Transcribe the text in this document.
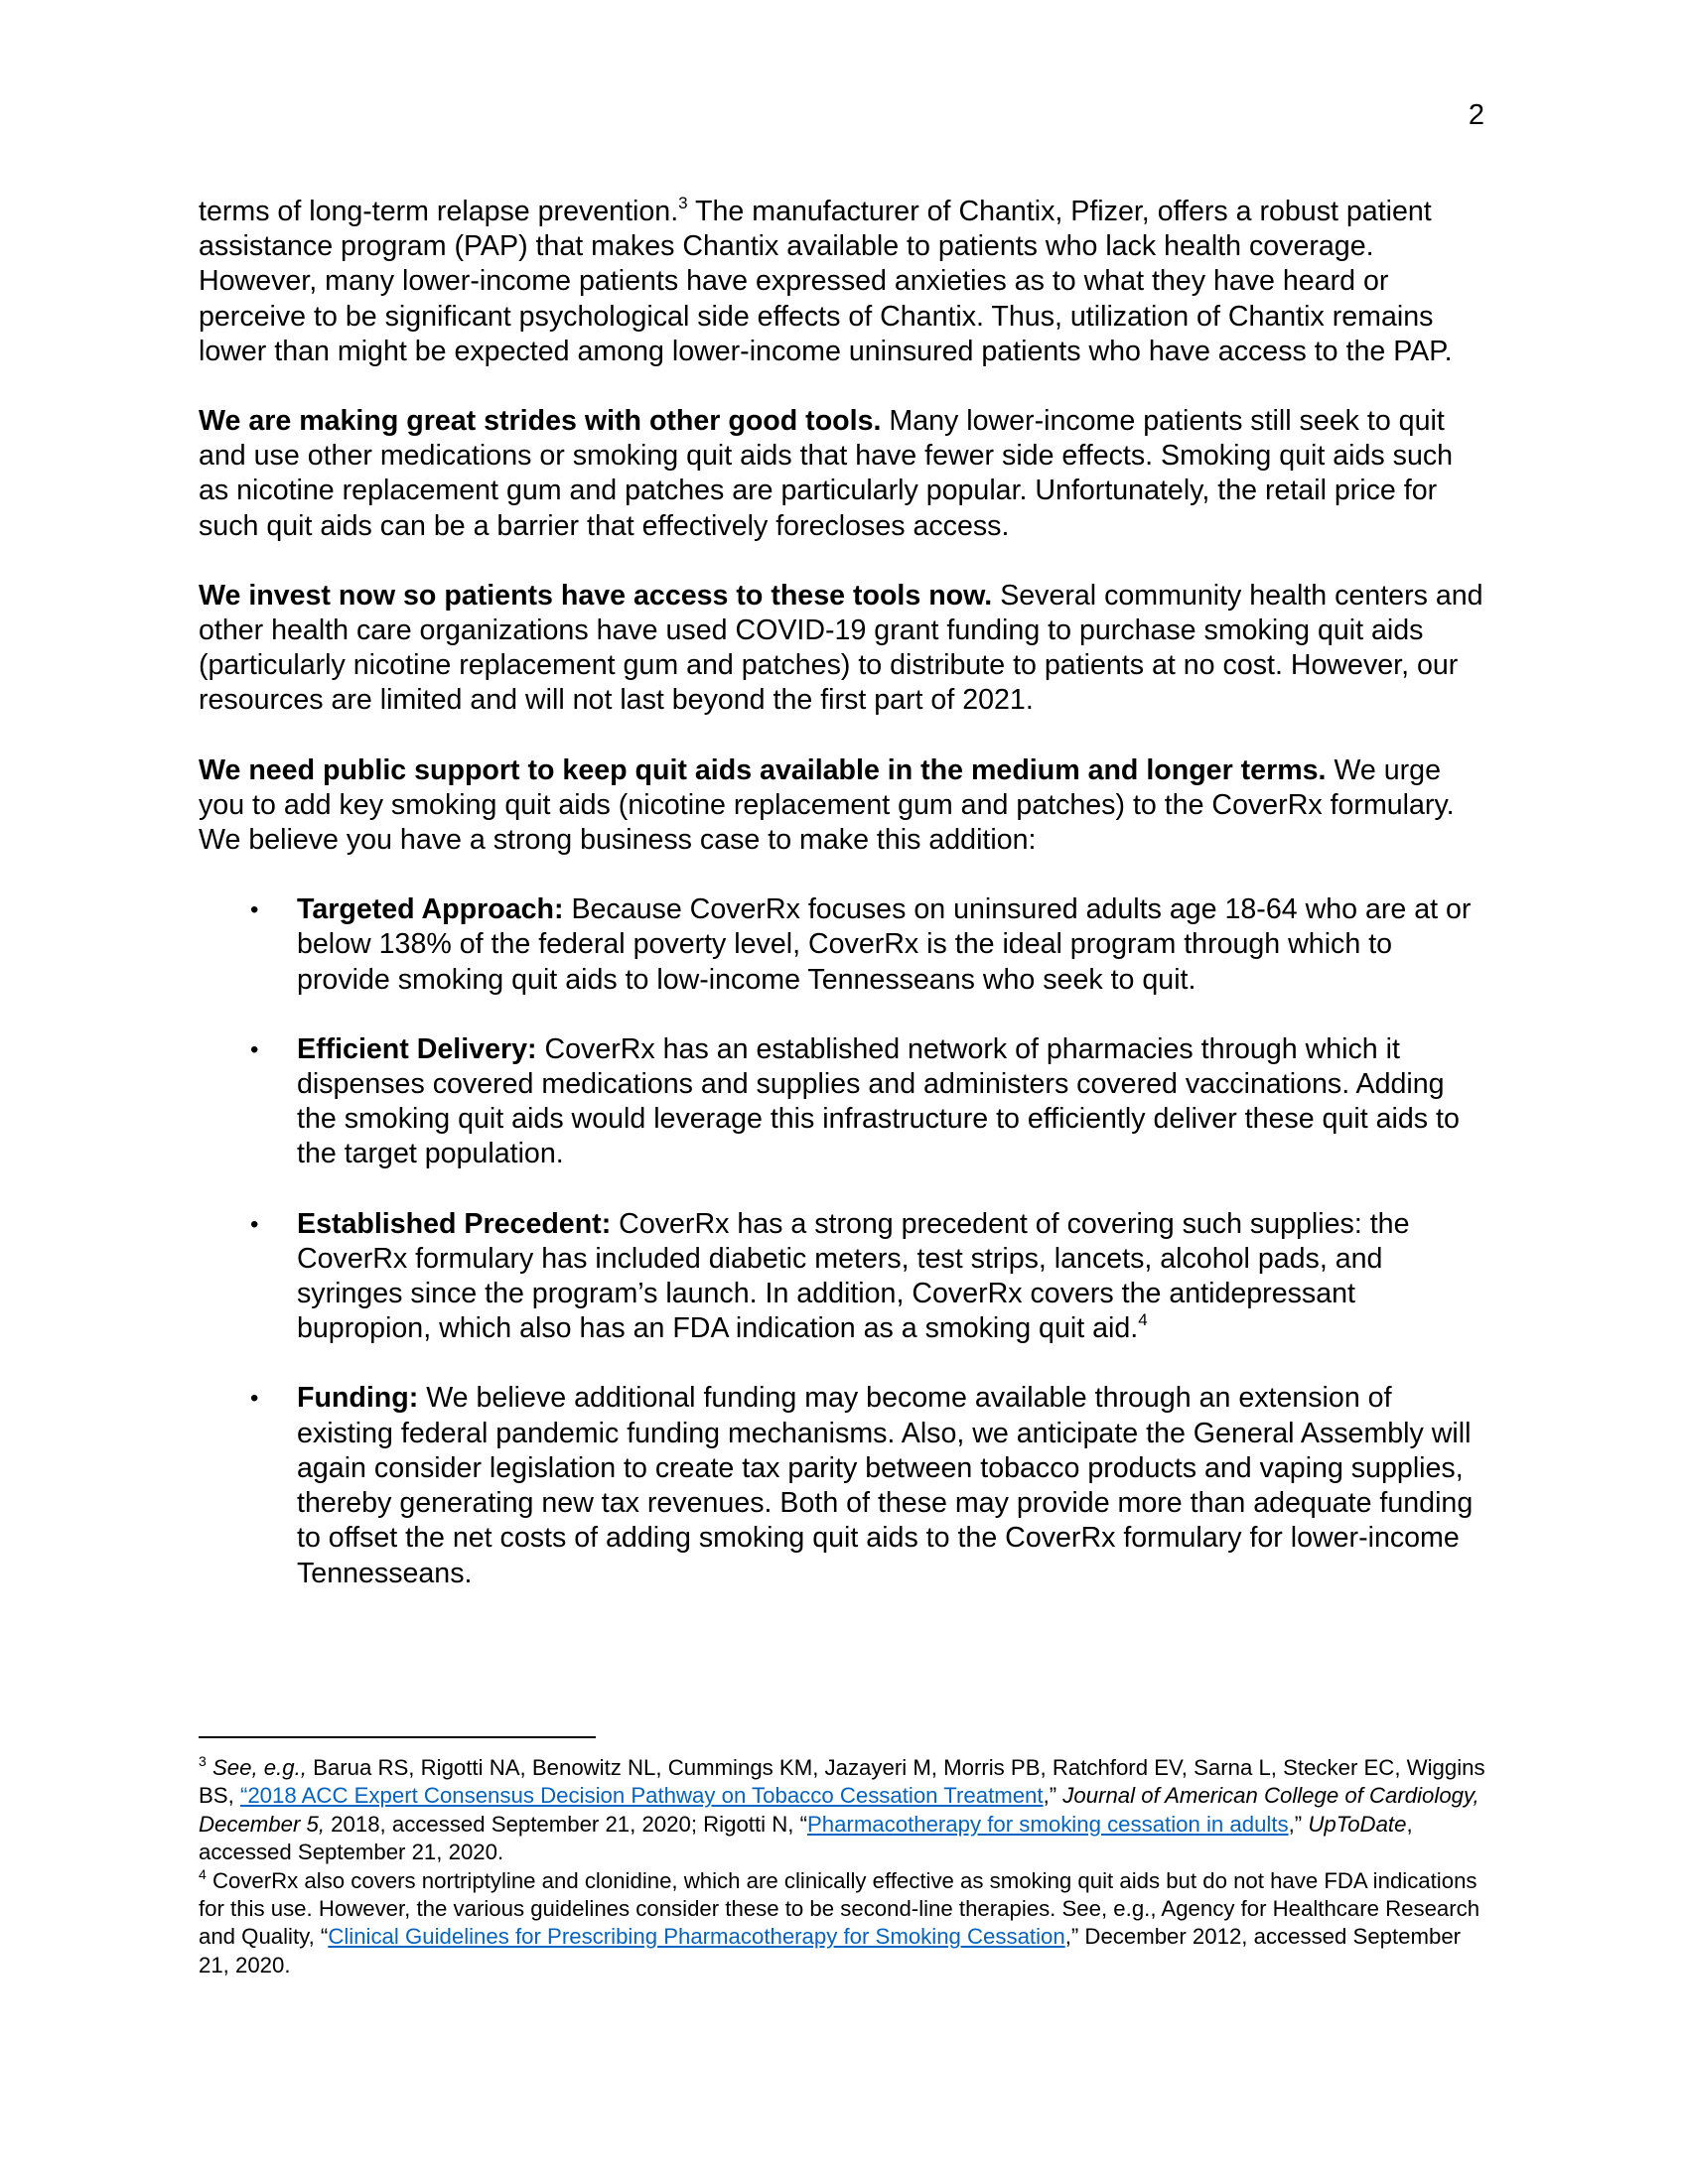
2

terms of long-term relapse prevention.$^3$ The manufacturer of Chantix, Pfizer, offers a robust patient assistance program (PAP) that makes Chantix available to patients who lack health coverage. However, many lower-income patients have expressed anxieties as to what they have heard or perceive to be significant psychological side effects of Chantix. Thus, utilization of Chantix remains lower than might be expected among lower-income uninsured patients who have access to the PAP.

We are making great strides with other good tools. Many lower-income patients still seek to quit and use other medications or smoking quit aids that have fewer side effects. Smoking quit aids such as nicotine replacement gum and patches are particularly popular. Unfortunately, the retail price for such quit aids can be a barrier that effectively forecloses access.

We invest now so patients have access to these tools now. Several community health centers and other health care organizations have used COVID-19 grant funding to purchase smoking quit aids (particularly nicotine replacement gum and patches) to distribute to patients at no cost. However, our resources are limited and will not last beyond the first part of 2021.

We need public support to keep quit aids available in the medium and longer terms. We urge you to add key smoking quit aids (nicotine replacement gum and patches) to the CoverRx formulary. We believe you have a strong business case to make this addition:

• Targeted Approach: Because CoverRx focuses on uninsured adults age 18-64 who are at or below 138% of the federal poverty level, CoverRx is the ideal program through which to provide smoking quit aids to low-income Tennesseans who seek to quit.
• Efficient Delivery: CoverRx has an established network of pharmacies through which it dispenses covered medications and supplies and administers covered vaccinations. Adding the smoking quit aids would leverage this infrastructure to efficiently deliver these quit aids to the target population.
• Established Precedent: CoverRx has a strong precedent of covering such supplies: the CoverRx formulary has included diabetic meters, test strips, lancets, alcohol pads, and syringes since the program’s launch. In addition, CoverRx covers the antidepressant bupropion, which also has an FDA indication as a smoking quit aid.$^4$
• Funding: We believe additional funding may become available through an extension of existing federal pandemic funding mechanisms. Also, we anticipate the General Assembly will again consider legislation to create tax parity between tobacco products and vaping supplies, thereby generating new tax revenues. Both of these may provide more than adequate funding to offset the net costs of adding smoking quit aids to the CoverRx formulary for lower-income Tennesseans.

$^3$ See, e.g., Barua RS, Rigotti NA, Benowitz NL, Cummings KM, Jazayeri M, Morris PB, Ratchford EV, Sarna L, Stecker EC, Wiggins BS, “2018 ACC Expert Consensus Decision Pathway on Tobacco Cessation Treatment,” Journal of American College of Cardiology, December 5, 2018, accessed September 21, 2020; Rigotti N, “Pharmacotherapy for smoking cessation in adults,” UpToDate, accessed September 21, 2020.

$^4$ CoverRx also covers nortriptyline and clonidine, which are clinically effective as smoking quit aids but do not have FDA indications for this use. However, the various guidelines consider these to be second-line therapies. See, e.g., Agency for Healthcare Research and Quality, “Clinical Guidelines for Prescribing Pharmacotherapy for Smoking Cessation,” December 2012, accessed September 21, 2020.
